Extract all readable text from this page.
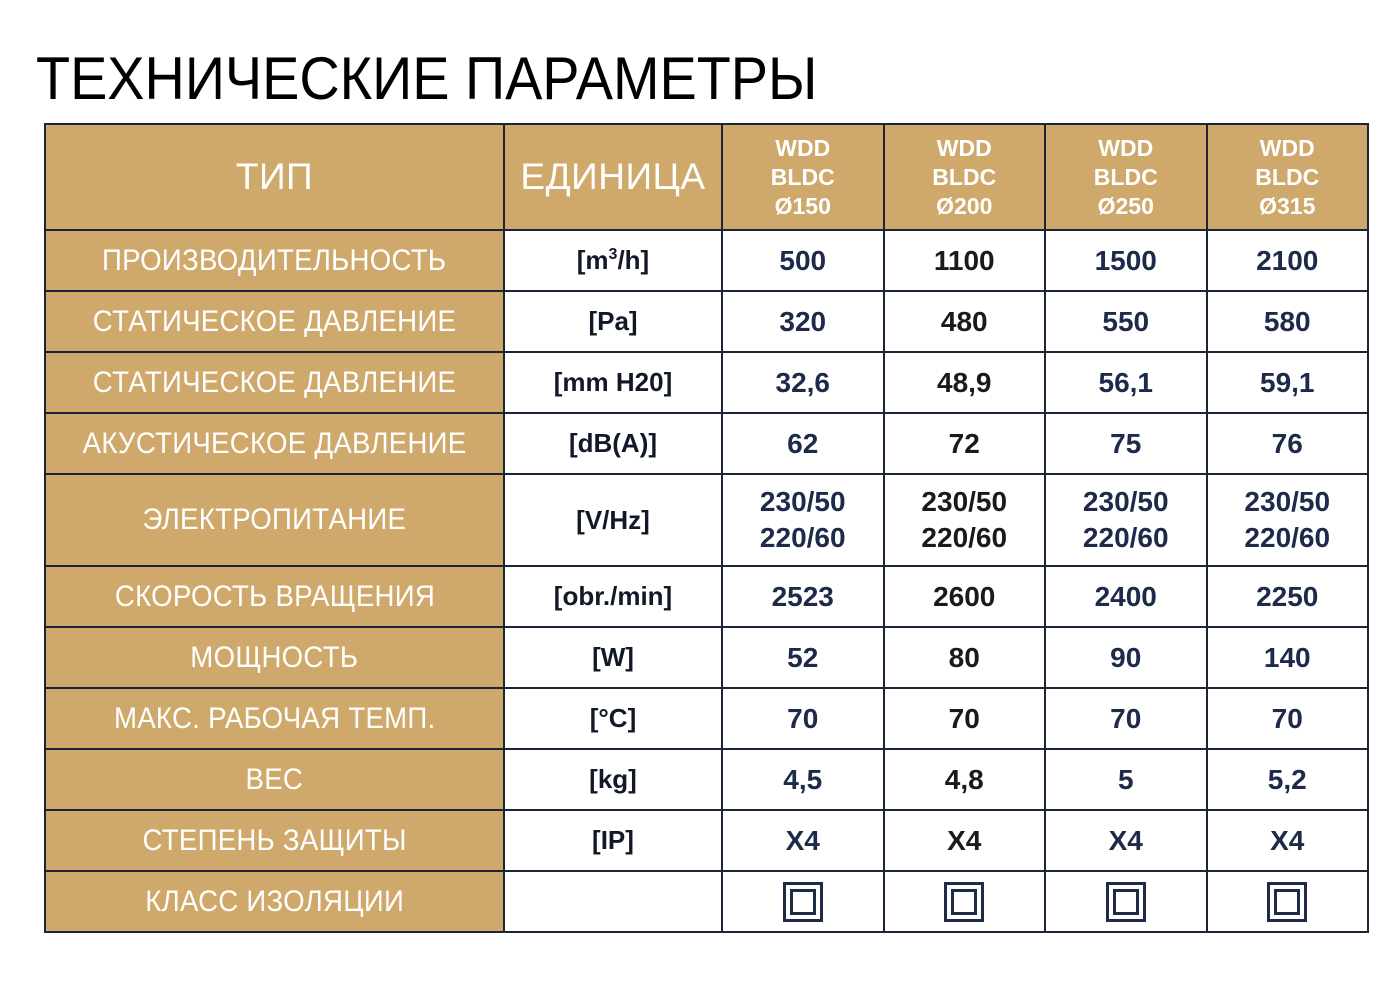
ТЕХНИЧЕСКИЕ ПАРАМЕТРЫ
ТИП	ЕДИНИЦА	WDD
BLDC
Ø150	WDD
BLDC
Ø200	WDD
BLDC
Ø250	WDD
BLDC
Ø315

ПРОИЗВОДИТЕЛЬНОСТЬ	$[m^3/h]$	500	1100	1500	2100
СТАТИЧЕСКОЕ ДАВЛЕНИЕ	[Pa]	320	480	550	580
СТАТИЧЕСКОЕ ДАВЛЕНИЕ	[mm H20]	32,6	48,9	56,1	59,1
АКУСТИЧЕСКОЕ ДАВЛЕНИЕ	[dB(A)]	62	72	75	76
ЭЛЕКТРОПИТАНИЕ	[V/Hz]	230/50
220/60	230/50
220/60	230/50
220/60	230/50
220/60

СКОРОСТЬ ВРАЩЕНИЯ	[obr./min]	2523	2600	2400	2250
МОЩНОСТЬ	[W]	52	80	90	140
МАКС. РАБОЧАЯ ТЕМП.	[°C]	70	70	70	70
ВЕС	[kg]	4,5	4,8	5	5,2
СТЕПЕНЬ ЗАЩИТЫ	[IP]	X4	X4	X4	X4
КЛАСС ИЗОЛЯЦИИ					
